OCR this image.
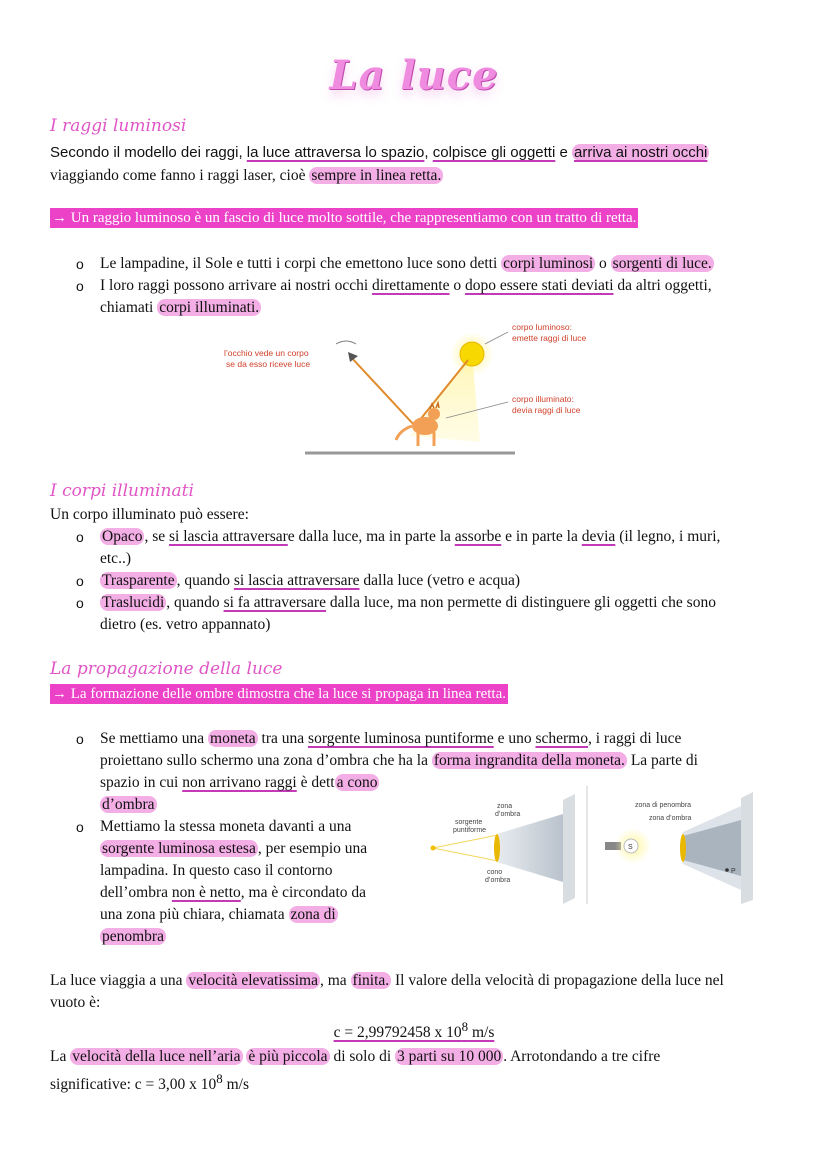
La luce
I raggi luminosi
Secondo il modello dei raggi, la luce attraversa lo spazio, colpisce gli oggetti e arriva ai nostri occhi
viaggiando come fanno i raggi laser, cioè sempre in linea retta.
→ Un raggio luminoso è un fascio di luce molto sottile, che rappresentiamo con un tratto di retta.
o Le lampadine, il Sole e tutti i corpi che emettono luce sono detti corpi luminosi o sorgenti di luce.
o I loro raggi possono arrivare ai nostri occhi direttamente o dopo essere stati deviati da altri oggetti,
chiamati corpi illuminati.
l’occhio vede un corpo
se da esso riceve luce
corpo luminoso:
emette raggi di luce
corpo illuminato:
devia raggi di luce
I corpi illuminati
Un corpo illuminato può essere:
o Opaco , se si lascia attraversare dalla luce, ma in parte la assorbe e in parte la devia (il legno, i muri,
etc..)
o Trasparente , quando si lascia attraversare dalla luce (vetro e acqua)
o Traslucidi , quando si fa attraversare dalla luce, ma non permette di distinguere gli oggetti che sono
dietro (es. vetro appannato)
La propagazione della luce
→ La formazione delle ombre dimostra che la luce si propaga in linea retta.
o Se mettiamo una moneta tra una sorgente luminosa puntiforme e uno schermo, i raggi di luce
proiettano sullo schermo una zona d’ombra che ha la forma ingrandita della moneta. La parte di
spazio in cui non arrivano raggi è dett a cono
d’ombra
o Mettiamo la stessa moneta davanti a una
sorgente luminosa estesa , per esempio una
lampadina. In questo caso il contorno
dell’ombra non è netto, ma è circondato da
una zona più chiara, chiamata zona di
penombra
zona
d’ombra
sorgente
puntiforme
cono
d’ombra
S
P
zona di penombra
zona d’ombra
La luce viaggia a una velocità elevatissima , ma finita. Il valore della velocità di propagazione della luce nel
vuoto è:
c = 2,99792458 x $10^8$ m/s
La velocità della luce nell’aria è più piccola di solo di 3 parti su 10 000 . Arrotondando a tre cifre
significative: c = 3,00 x $10^8$ m/s
